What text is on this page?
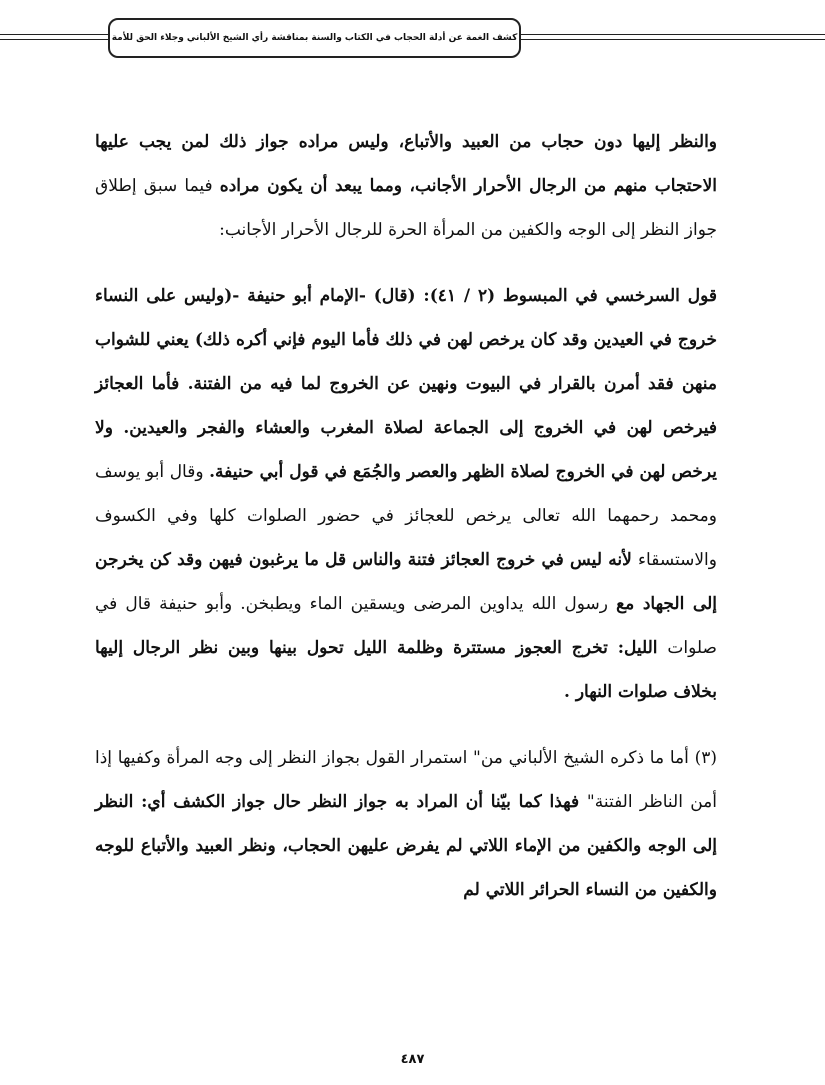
كشف الغمة عن أدلة الحجاب في الكتاب والسنة بمناقشة رأي الشيخ الألباني وجلاء الحق للأمة

والنظر إليها دون حجاب من العبيد والأتباع، وليس مراده جواز ذلك لمن يجب عليها الاحتجاب منهم من الرجال الأحرار الأجانب، ومما يبعد أن يكون مراده فيما سبق إطلاق جواز النظر إلى الوجه والكفين من المرأة الحرة للرجال الأحرار الأجانب:

قول السرخسي في المبسوط (٢ / ٤١): (قال) -الإمام أبو حنيفة -(وليس على النساء خروج في العيدين وقد كان يرخص لهن في ذلك فأما اليوم فإني أكره ذلك) يعني للشواب منهن فقد أمرن بالقرار في البيوت ونهين عن الخروج لما فيه من الفتنة. فأما العجائز فيرخص لهن في الخروج إلى الجماعة لصلاة المغرب والعشاء والفجر والعيدين. ولا يرخص لهن في الخروج لصلاة الظهر والعصر والجُمَع في قول أبي حنيفة. وقال أبو يوسف ومحمد رحمهما الله تعالى يرخص للعجائز في حضور الصلوات كلها وفي الكسوف والاستسقاء لأنه ليس في خروج العجائز فتنة والناس قل ما يرغبون فيهن وقد كن يخرجن إلى الجهاد مع رسول الله يداوين المرضى ويسقين الماء ويطبخن. وأبو حنيفة قال في صلوات الليل: تخرج العجوز مستترة وظلمة الليل تحول بينها وبين نظر الرجال إليها بخلاف صلوات النهار .

(٣) أما ما ذكره الشيخ الألباني من" استمرار القول بجواز النظر إلى وجه المرأة وكفيها إذا أمن الناظر الفتنة" فهذا كما بيّنا أن المراد به جواز النظر حال جواز الكشف أي: النظر إلى الوجه والكفين من الإماء اللاتي لم يفرض عليهن الحجاب، ونظر العبيد والأتباع للوجه والكفين من النساء الحرائر اللاتي لم

٤٨٧
